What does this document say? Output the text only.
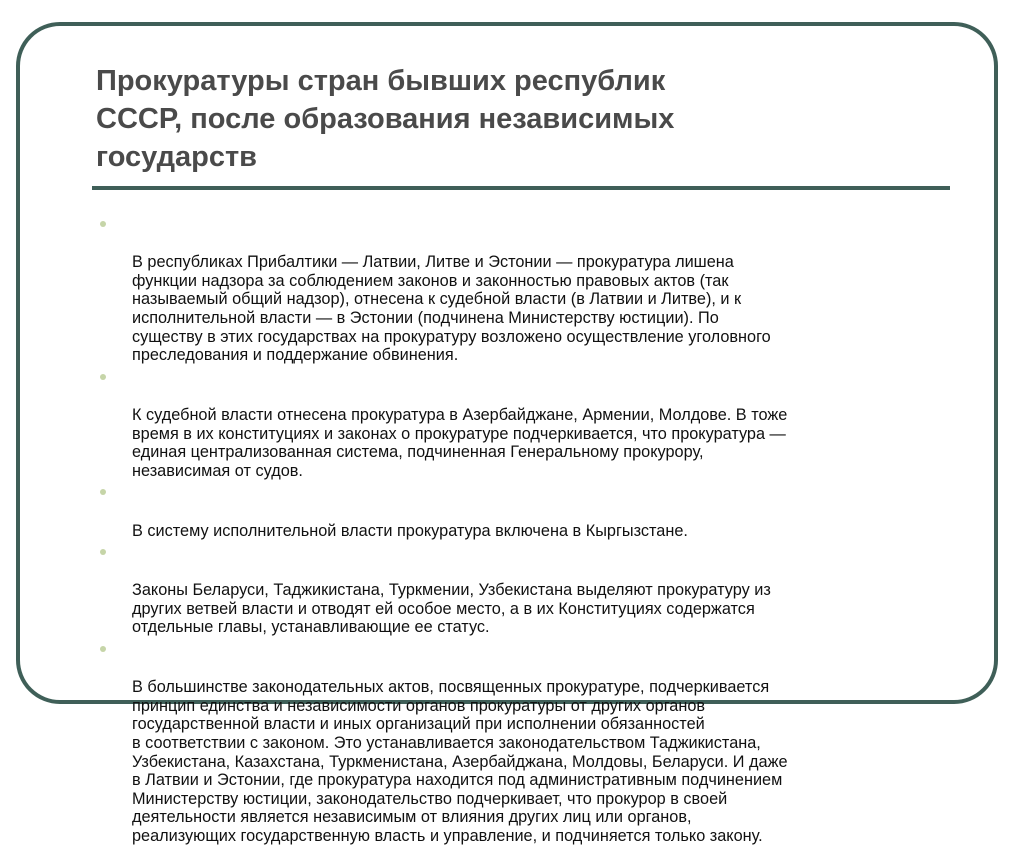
Прокуратуры стран бывших республик
СССР, после образования независимых
государств

В республиках Прибалтики — Латвии, Литве и Эстонии — прокуратура лишена
функции надзора за соблюдением законов и законностью правовых актов (так
называемый общий надзор), отнесена к судебной власти (в Латвии и Литве), и к
исполнительной власти — в Эстонии (подчинена Министерству юстиции). По
существу в этих государствах на прокуратуру возложено осуществление уголовного
преследования и поддержание обвинения.

К судебной власти отнесена прокуратура в Азербайджане, Армении, Молдове. В тоже
время в их конституциях и законах о прокуратуре подчеркивается, что прокуратура —
единая централизованная система, подчиненная Генеральному прокурору,
независимая от судов.

В систему исполнительной власти прокуратура включена в Кыргызстане.

Законы Беларуси, Таджикистана, Туркмении, Узбекистана выделяют прокуратуру из
других ветвей власти и отводят ей особое место, а в их Конституциях содержатся
отдельные главы, устанавливающие ее статус.

В большинстве законодательных актов, посвященных прокуратуре, подчеркивается
принцип единства и независимости органов прокуратуры от других органов
государственной власти и иных организаций при исполнении обязанностей
в соответствии с законом. Это устанавливается законодательством Таджикистана,
Узбекистана, Казахстана, Туркменистана, Азербайджана, Молдовы, Беларуси. И даже
в Латвии и Эстонии, где прокуратура находится под административным подчинением
Министерству юстиции, законодательство подчеркивает, что прокурор в своей
деятельности является независимым от влияния других лиц или органов,
реализующих государственную власть и управление, и подчиняется только закону.
